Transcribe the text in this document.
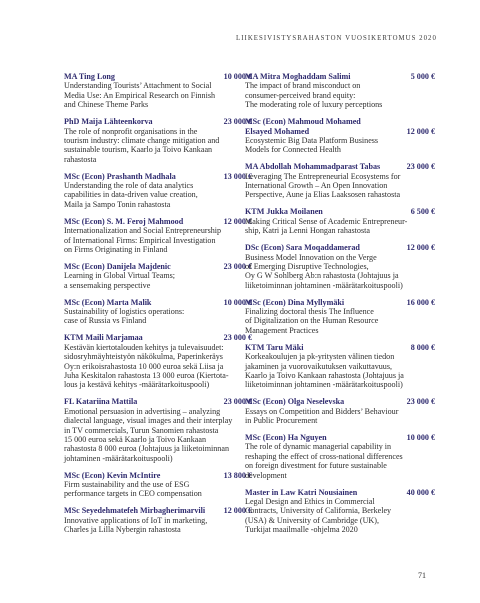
LIIKESIVISTYSRAHASTON VUOSIKERTOMUS 2020
MA Ting Long	10 000 €
Understanding Tourists’ Attachment to Social
Media Use: An Empirical Research on Finnish
and Chinese Theme Parks
PhD Maija Lähteenkorva	23 000 €
The role of nonprofit organisations in the
tourism industry: climate change mitigation and
sustainable tourism, Kaarlo ja Toivo Kankaan
rahastosta
MSc (Econ) Prashanth Madhala	13 000 €
Understanding the role of data analytics
capabilities in data-driven value creation,
Maila ja Sampo Tonin rahastosta
MSc (Econ) S. M. Feroj Mahmood	12 000 €
Internationalization and Social Entrepreneurship
of International Firms: Empirical Investigation
on Firms Originating in Finland
MSc (Econ) Danijela Majdenic	23 000 €
Learning in Global Virtual Teams;
a sensemaking perspective
MSc (Econ) Marta Malik	10 000 €
Sustainability of logistics operations:
case of Russia vs Finland
KTM Maili Marjamaa	23 000 €
Kestävän kiertotalouden kehitys ja tulevaisuudet:
sidosryhmäyhteistyön näkökulma, Paperinkeräys
Oy:n erikoisrahastosta 10 000 euroa sekä Liisa ja
Juha Keskitalon rahastosta 13 000 euroa (Kiertota-
lous ja kestävä kehitys -määrätarkoituspooli)
FL Katariina Mattila	23 000 €
Emotional persuasion in advertising – analyzing
dialectal language, visual images and their interplay
in TV commercials, Turun Sanomien rahastosta
15 000 euroa sekä Kaarlo ja Toivo Kankaan
rahastosta 8 000 euroa (Johtajuus ja liiketoiminnan
johtaminen -määrätarkoituspooli)
MSc (Econ) Kevin McIntire	13 800 €
Firm sustainability and the use of ESG
performance targets in CEO compensation
MSc Seyedehmatefeh Mirbagherimarvili	12 000 €
Innovative applications of IoT in marketing,
Charles ja Lilla Nybergin rahastosta
MA Mitra Moghaddam Salimi	5 000 €
The impact of brand misconduct on
consumer-perceived brand equity:
The moderating role of luxury perceptions
MSc (Econ) Mahmoud Mohamed
Elsayed Mohamed	12 000 €
Ecosystemic Big Data Platform Business
Models for Connected Health
MA Abdollah Mohammadparast Tabas	23 000 €
Leveraging The Entrepreneurial Ecosystems for
International Growth – An Open Innovation
Perspective, Aune ja Elias Laaksosen rahastosta
KTM Jukka Moilanen	6 500 €
Making Critical Sense of Academic Entrepreneur-
ship, Katri ja Lenni Hongan rahastosta
DSc (Econ) Sara Moqaddamerad	12 000 €
Business Model Innovation on the Verge
of Emerging Disruptive Technologies,
Oy G W Sohlberg Ab:n rahastosta (Johtajuus ja
liiketoiminnan johtaminen -määrätarkoituspooli)
MSc (Econ) Dina Myllymäki	16 000 €
Finalizing doctoral thesis The Influence
of Digitalization on the Human Resource
Management Practices
KTM Taru Mäki	8 000 €
Korkeakoulujen ja pk-yritysten välinen tiedon
jakaminen ja vuorovaikutuksen vaikuttavuus,
Kaarlo ja Toivo Kankaan rahastosta (Johtajuus ja
liiketoiminnan johtaminen -määrätarkoituspooli)
MSc (Econ) Olga Neselevska	23 000 €
Essays on Competition and Bidders’ Behaviour
in Public Procurement
MSc (Econ) Ha Nguyen	10 000 €
The role of dynamic managerial capability in
reshaping the effect of cross-national differences
on foreign divestment for future sustainable
development
Master in Law Katri Nousiainen	40 000 €
Legal Design and Ethics in Commercial
Contracts, University of California, Berkeley
(USA) & University of Cambridge (UK),
Turkijat maailmalle -ohjelma 2020
71
